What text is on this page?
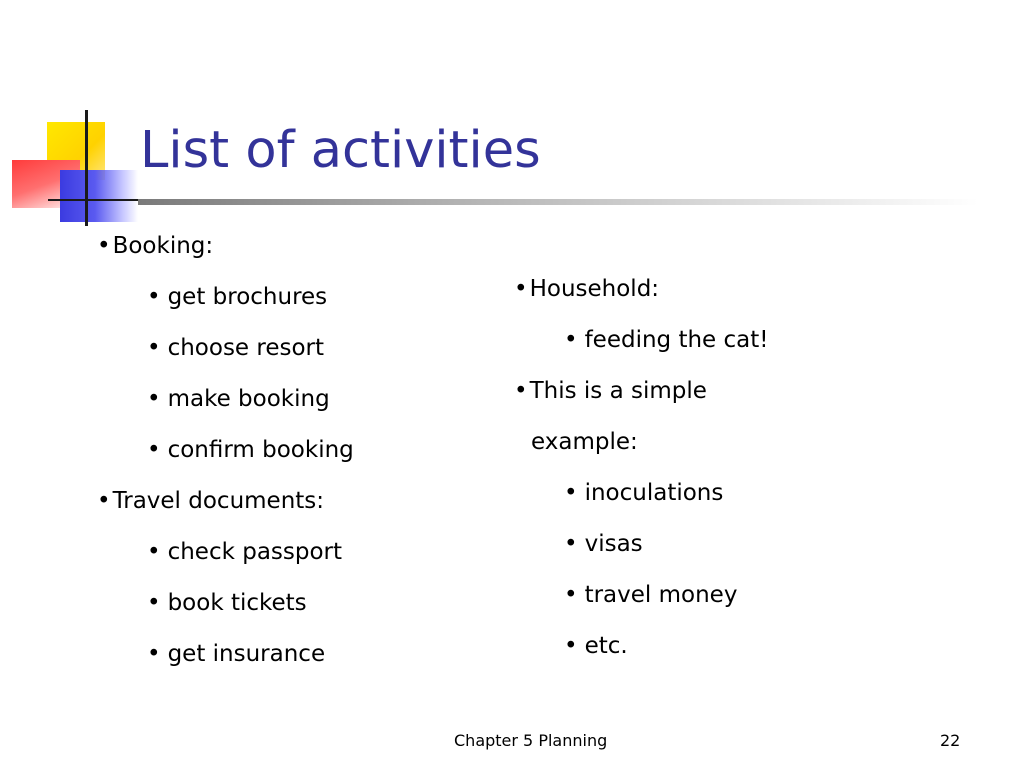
List of activities
•Booking:
• get brochures
• choose resort
• make booking
• confirm booking
•Travel documents:
• check passport
• book tickets
• get insurance
•Household:
• feeding the cat!
•This is a simple
example:
• inoculations
• visas
• travel money
• etc.
Chapter 5 Planning	22
